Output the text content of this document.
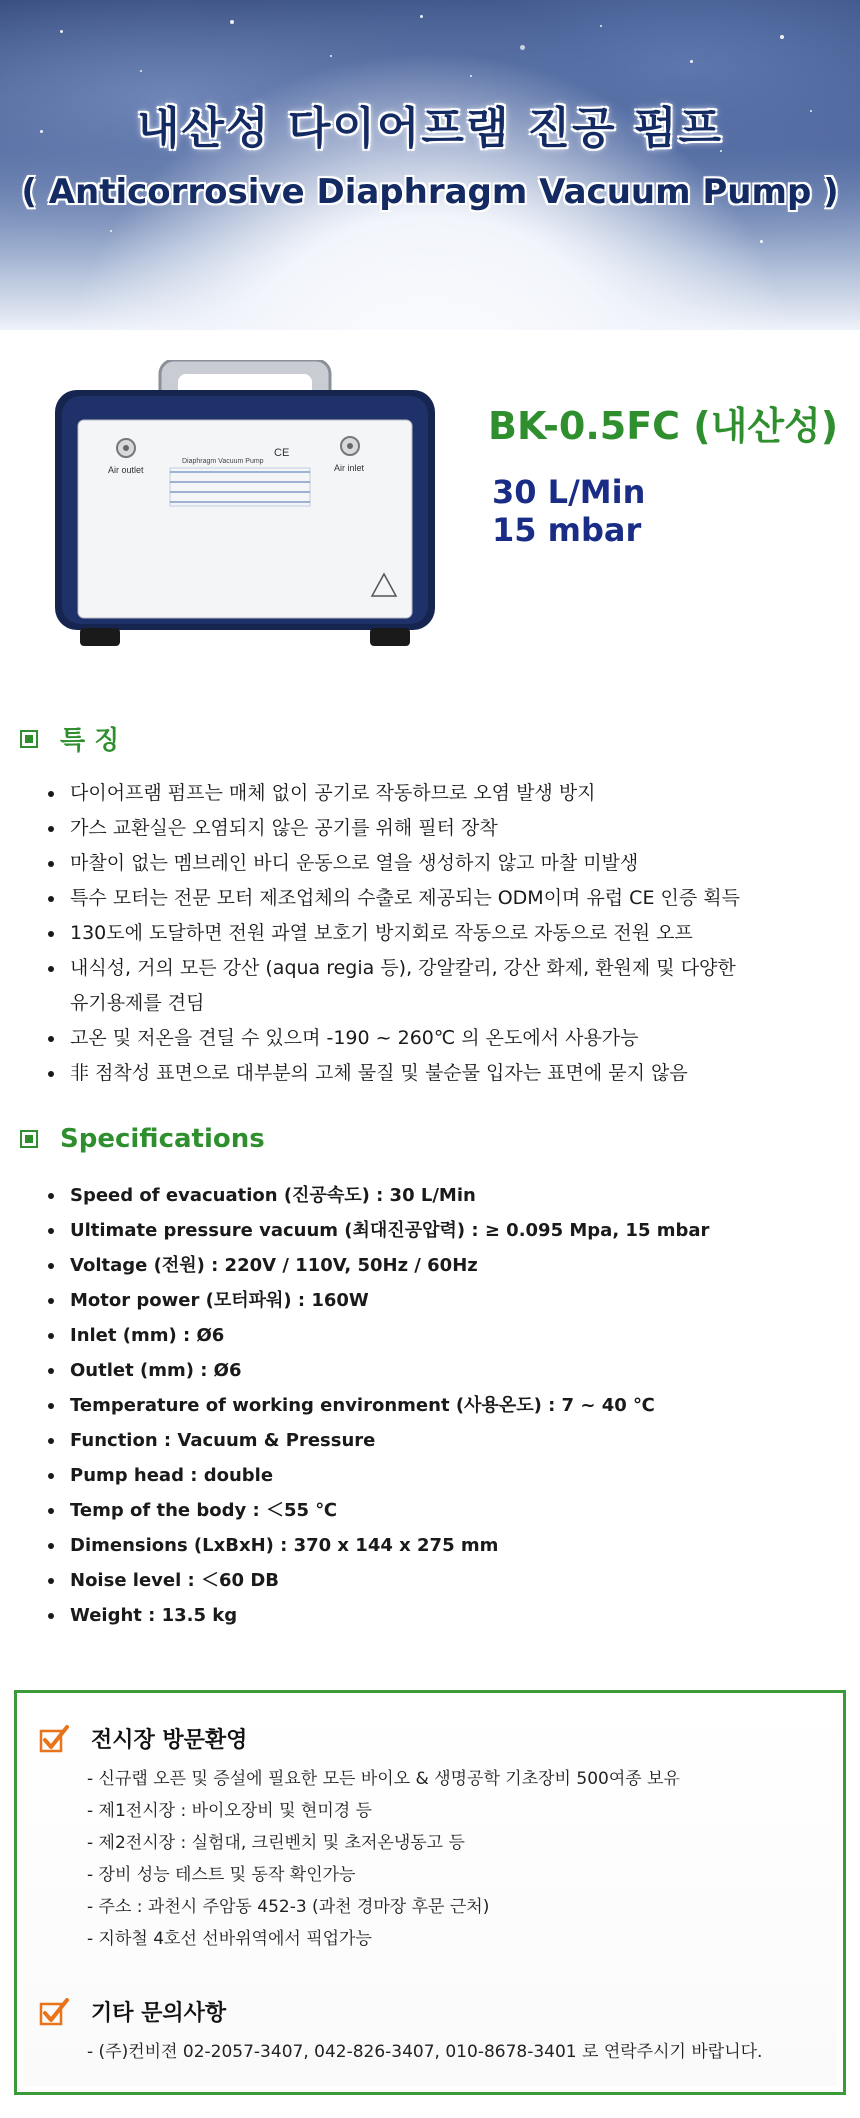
내산성 다이어프램 진공 펌프
( Anticorrosive Diaphragm Vacuum Pump )
Air outlet	Air inlet
Diaphragm Vacuum Pump
CE
BK-0.5FC (내산성)
30 L/Min
15 mbar
특 징
다이어프램 펌프는 매체 없이 공기로 작동하므로 오염 발생 방지
가스 교환실은 오염되지 않은 공기를 위해 필터 장착
마찰이 없는 멤브레인 바디 운동으로 열을 생성하지 않고 마찰 미발생
특수 모터는 전문 모터 제조업체의 수출로 제공되는 ODM이며 유럽 CE 인증 획득
130도에 도달하면 전원 과열 보호기 방지회로 작동으로 자동으로 전원 오프
내식성, 거의 모든 강산 (aqua regia 등), 강알칼리, 강산 화제, 환원제 및 다양한
유기용제를 견딤
고온 및 저온을 견딜 수 있으며 -190 ~ 260℃ 의 온도에서 사용가능
非 점착성 표면으로 대부분의 고체 물질 및 불순물 입자는 표면에 묻지 않음
Specifications
Speed of evacuation (진공속도) : 30 L/Min
Ultimate pressure vacuum (최대진공압력) : ≥ 0.095 Mpa, 15 mbar
Voltage (전원) : 220V / 110V, 50Hz / 60Hz
Motor power (모터파워) : 160W
Inlet (mm) : Ø6
Outlet (mm) : Ø6
Temperature of working environment (사용온도) : 7 ~ 40 ℃
Function : Vacuum & Pressure
Pump head : double
Temp of the body : ＜55 ℃
Dimensions (LxBxH) : 370 x 144 x 275 mm
Noise level : ＜60 DB
Weight : 13.5 kg
전시장 방문환영
- 신규랩 오픈 및 증설에 필요한 모든 바이오 & 생명공학 기초장비 500여종 보유
- 제1전시장 : 바이오장비 및 현미경 등
- 제2전시장 : 실험대, 크린벤치 및 초저온냉동고 등
- 장비 성능 테스트 및 동작 확인가능
- 주소 : 과천시 주암동 452-3 (과천 경마장 후문 근처)
- 지하철 4호선 선바위역에서 픽업가능
기타 문의사항
- (주)컨비젼 02-2057-3407, 042-826-3407, 010-8678-3401 로 연락주시기 바랍니다.
